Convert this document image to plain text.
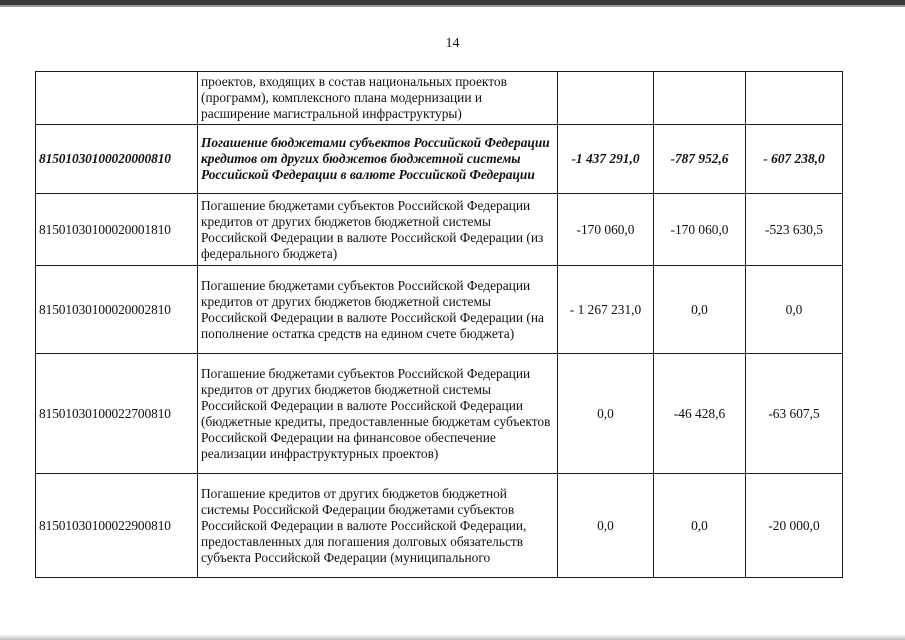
14
	проектов, входящих в состав национальных проектов (программ), комплексного плана модернизации и расширение магистральной инфраструктуры)			
81501030100020000810	Погашение бюджетами субъектов Российской Федерации кредитов от других бюджетов бюджетной системы Российской Федерации в валюте Российской Федерации	-1 437 291,0	-787 952,6	- 607 238,0
81501030100020001810	Погашение бюджетами субъектов Российской Федерации кредитов от других бюджетов бюджетной системы Российской Федерации в валюте Российской Федерации (из федерального бюджета)	-170 060,0	-170 060,0	-523 630,5
81501030100020002810	Погашение бюджетами субъектов Российской Федерации кредитов от других бюджетов бюджетной системы Российской Федерации в валюте Российской Федерации (на пополнение остатка средств на едином счете бюджета)	- 1 267 231,0	0,0	0,0
81501030100022700810	Погашение бюджетами субъектов Российской Федерации кредитов от других бюджетов бюджетной системы Российской Федерации в валюте Российской Федерации (бюджетные кредиты, предоставленные бюджетам субъектов Российской Федерации на финансовое обеспечение реализации инфраструктурных проектов)	0,0	-46 428,6	-63 607,5
81501030100022900810	Погашение кредитов от других бюджетов бюджетной системы Российской Федерации бюджетами субъектов Российской Федерации в валюте Российской Федерации, предоставленных для погашения долговых обязательств субъекта Российской Федерации (муниципального	0,0	0,0	-20 000,0
